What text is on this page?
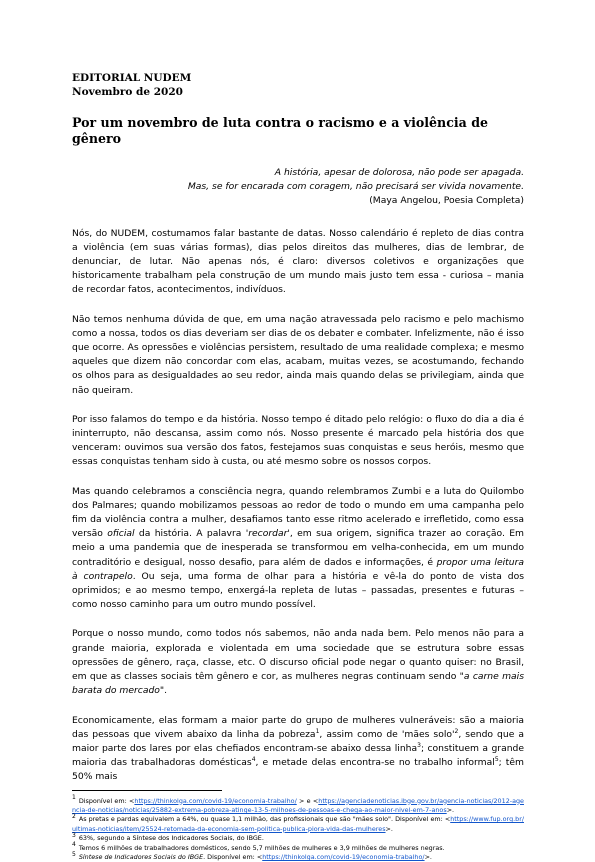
EDITORIAL NUDEM
Novembro de 2020
Por um novembro de luta contra o racismo e a violência de gênero
A história, apesar de dolorosa, não pode ser apagada.
Mas, se for encarada com coragem, não precisará ser vivida novamente.
(Maya Angelou, Poesia Completa)
Nós, do NUDEM, costumamos falar bastante de datas. Nosso calendário é repleto de dias contra a violência (em suas várias formas), dias pelos direitos das mulheres, dias de lembrar, de denunciar, de lutar. Não apenas nós, é claro: diversos coletivos e organizações que historicamente trabalham pela construção de um mundo mais justo tem essa - curiosa – mania de recordar fatos, acontecimentos, indivíduos.
Não temos nenhuma dúvida de que, em uma nação atravessada pelo racismo e pelo machismo como a nossa, todos os dias deveriam ser dias de os debater e combater. Infelizmente, não é isso que ocorre. As opressões e violências persistem, resultado de uma realidade complexa; e mesmo aqueles que dizem não concordar com elas, acabam, muitas vezes, se acostumando, fechando os olhos para as desigualdades ao seu redor, ainda mais quando delas se privilegiam, ainda que não queiram.
Por isso falamos do tempo e da história. Nosso tempo é ditado pelo relógio: o fluxo do dia a dia é ininterrupto, não descansa, assim como nós. Nosso presente é marcado pela história dos que venceram: ouvimos sua versão dos fatos, festejamos suas conquistas e seus heróis, mesmo que essas conquistas tenham sido à custa, ou até mesmo sobre os nossos corpos.
Mas quando celebramos a consciência negra, quando relembramos Zumbi e a luta do Quilombo dos Palmares; quando mobilizamos pessoas ao redor de todo o mundo em uma campanha pelo fim da violência contra a mulher, desafiamos tanto esse ritmo acelerado e irrefletido, como essa versão oficial da história. A palavra 'recordar', em sua origem, significa trazer ao coração. Em meio a uma pandemia que de inesperada se transformou em velha-conhecida, em um mundo contraditório e desigual, nosso desafio, para além de dados e informações, é propor uma leitura à contrapelo. Ou seja, uma forma de olhar para a história e vê-la do ponto de vista dos oprimidos; e ao mesmo tempo, enxergá-la repleta de lutas – passadas, presentes e futuras – como nosso caminho para um outro mundo possível.
Porque o nosso mundo, como todos nós sabemos, não anda nada bem. Pelo menos não para a grande maioria, explorada e violentada em uma sociedade que se estrutura sobre essas opressões de gênero, raça, classe, etc. O discurso oficial pode negar o quanto quiser: no Brasil, em que as classes sociais têm gênero e cor, as mulheres negras continuam sendo "a carne mais barata do mercado".
Economicamente, elas formam a maior parte do grupo de mulheres vulneráveis: são a maioria das pessoas que vivem abaixo da linha da pobreza$^1$, assim como de 'mães $solo'^2$, sendo que a maior parte dos lares por elas chefiados encontram-se abaixo dessa linha$^3$; constituem a grande maioria das trabalhadoras domésticas$^4$, e metade delas encontra-se no trabalho informal$^5$; têm 50% mais
$^1$ Disponível em: <https://thinkolga.com/covid-19/economia-trabalho/ > e <https://agenciadenoticias.ibge.gov.br/agencia-noticias/2012-agencia-de-noticias/noticias/25882-extrema-pobreza-atinge-13-5-milhoes-de-pessoas-e-chega-ao-maior-nivel-em-7-anos>.
$^2$ As pretas e pardas equivalem a 64%, ou quase 1,1 milhão, das profissionais que são "mães solo". Disponível em: <https://www.fup.org.br/ultimas-noticias/item/25524-retomada-da-economia-sem-politica-publica-piora-vida-das-mulheres>.
$^3$ 63%, segundo a Síntese dos Indicadores Sociais, do IBGE.
$^4$ Temos 6 milhões de trabalhadores domésticos, sendo 5,7 milhões de mulheres e 3,9 milhões de mulheres negras.
$^5$ Síntese de Indicadores Sociais do IBGE. Disponível em: <https://thinkolga.com/covid-19/economia-trabalho/>.
